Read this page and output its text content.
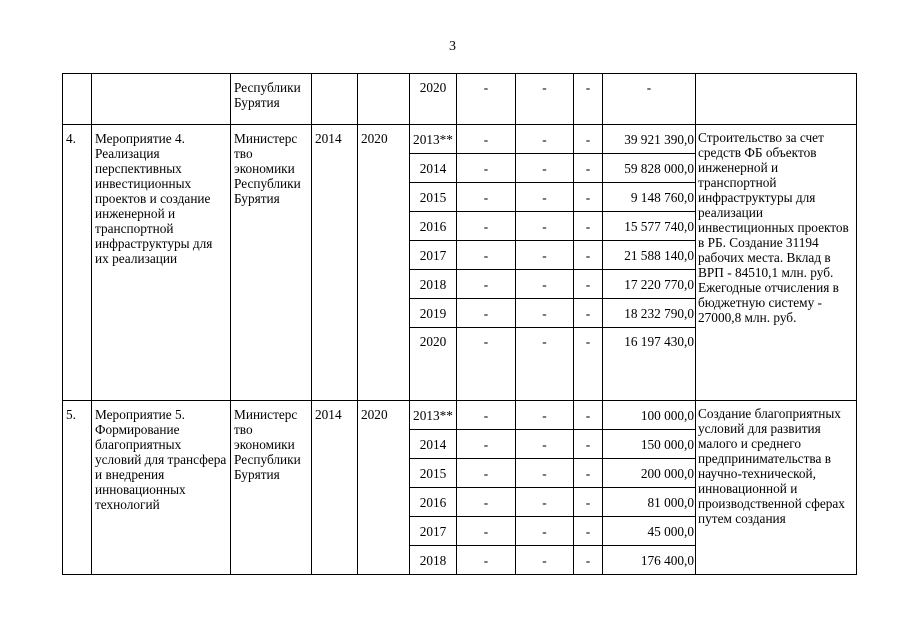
3
		Республики Бурятия			2020	-	-	-	-	
4.	Мероприятие 4. Реализация перспективных инвестиционных проектов и создание инженерной и транспортной инфраструктуры для их реализации	Министерс тво экономики Республики Бурятия	2014	2020	2013**	-	-	-	39 921 390,0	Строительство за счет средств ФБ объектов инженерной и транспортной инфраструктуры для реализации инвестиционных проектов в РБ. Создание 31194 рабочих места. Вклад в ВРП - 84510,1 млн. руб. Ежегодные отчисления в бюджетную систему - 27000,8 млн. руб.
					2014	-	-	-	59 828 000,0	
					2015	-	-	-	9 148 760,0	
					2016	-	-	-	15 577 740,0	
					2017	-	-	-	21 588 140,0	
					2018	-	-	-	17 220 770,0	
					2019	-	-	-	18 232 790,0	
					2020	-	-	-	16 197 430,0	
5.	Мероприятие 5. Формирование благоприятных условий для трансфера и внедрения инновационных технологий	Министерс тво экономики Республики Бурятия	2014	2020	2013**	-	-	-	100 000,0	Создание благоприятных условий для развития малого и среднего предпринимательства в научно-технической, инновационной и производственной сферах путем создания
					2014	-	-	-	150 000,0	
					2015	-	-	-	200 000,0	
					2016	-	-	-	81 000,0	
					2017	-	-	-	45 000,0	
					2018	-	-	-	176 400,0	
